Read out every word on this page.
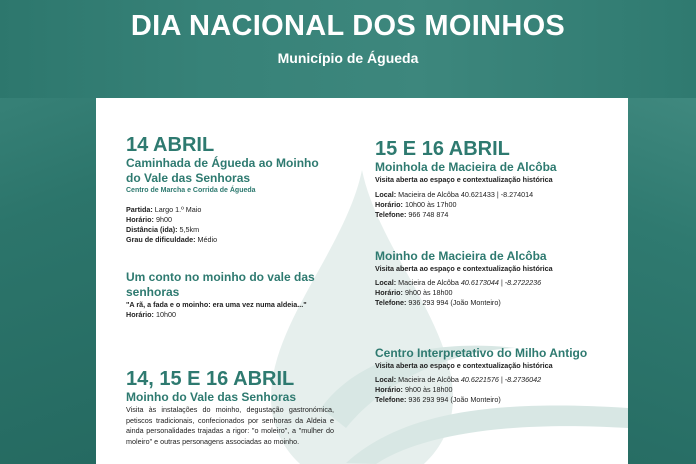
DIA NACIONAL DOS MOINHOS
Município de Águeda

14 ABRIL

Caminhada de Águeda ao Moinho

do Vale das Senhoras

Centro de Marcha e Corrida de Águeda

Partida: Largo 1.º Maio

Horário: 9h00

Distância (ida): 5,5km

Grau de dificuldade: Médio

Um conto no moinho do vale das

senhoras

"A rã, a fada e o moinho: era uma vez numa aldeia..."

Horário: 10h00

14, 15 E 16 ABRIL

Moinho do Vale das Senhoras

Visita às instalações do moinho, degustação gastronómica, petiscos tradicionais, confecionados por senhoras da Aldeia e ainda personalidades trajadas a rigor: "o moleiro", a "mulher do moleiro" e outras personagens associadas ao moinho.

15 E 16 ABRIL

Moinhola de Macieira de Alcôba

Visita aberta ao espaço e contextualização histórica

Local: Macieira de Alcôba 40.621433 | -8.274014

Horário: 10h00 às 17h00

Telefone: 966 748 874

Moinho de Macieira de Alcôba

Visita aberta ao espaço e contextualização histórica

Local: Macieira de Alcôba 40.6173044 | -8.2722236

Horário: 9h00 às 18h00

Telefone: 936 293 994 (João Monteiro)

Centro Interpretativo do Milho Antigo

Visita aberta ao espaço e contextualização histórica

Local: Macieira de Alcôba 40.6221576 | -8.2736042

Horário: 9h00 às 18h00

Telefone: 936 293 994 (João Monteiro)
